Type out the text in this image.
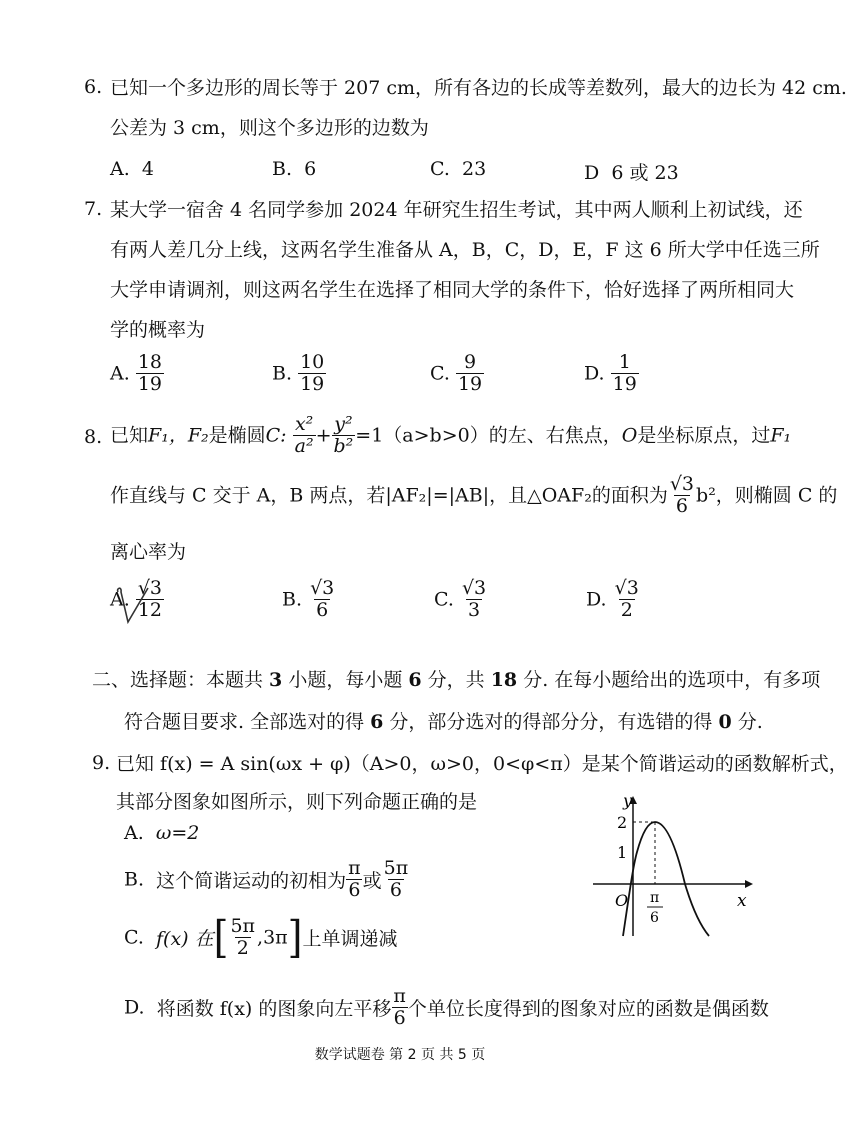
6. 已知一个多边形的周长等于 207 cm，所有各边的长成等差数列，最大的边长为 42 cm.
公差为 3 cm，则这个多边形的边数为
A. 4	B. 6	C. 23	D 6 或 23
7. 某大学一宿舍 4 名同学参加 2024 年研究生招生考试，其中两人顺利上初试线，还
有两人差几分上线，这两名学生准备从 A，B，C，D，E，F 这 6 所大学中任选三所
大学申请调剂，则这两名学生在选择了相同大学的条件下，恰好选择了两所相同大
学的概率为
A. $\frac{18}{19}$	B. $\frac{10}{19}$	C. $\frac{9}{19}$	D. $\frac{1}{19}$
8. 已知F₁，F₂是椭圆C: $\frac{\text{x²}}{\text{a²}} + \frac{\text{y²}}{\text{b²}} =1(a>b>0)$的左、右焦点，O是坐标原点，过F₁
作直线与 C 交于 A，B 两点，若|AF₂|=|AB|，且△OAF₂的面积为 $\frac{√3}{6} b^2$，则椭圆 C 的
离心率为
A. $\frac{√3}{12}$	B. $\frac{√3}{6}$	C. $\frac{√3}{3}$	D. $\frac{√3}{2}$
二、选择题：本题共 3 小题，每小题 6 分，共 18 分. 在每小题给出的选项中，有多项
符合题目要求. 全部选对的得 6 分，部分选对的得部分分，有选错的得 0 分.
9. 已知 f(x) = A sin(ωx + φ)（A>0，ω>0，0<φ<π）是某个简谐运动的函数解析式，
其部分图象如图所示，则下列命题正确的是
A. ω=2
B. 这个简谐运动的初相为 $\frac{\pi}{6}$ 或 $\frac{5\pi}{6}$
C. f(x) 在[ $\frac{5\pi}{2} ,3\pi$]上单调递减
D. 将函数 f(x) 的图象向左平移 $\frac{\pi}{6}$ 个单位长度得到的图象对应的函数是偶函数
y
x
O
2
1
π
6
数学试题卷 第 2 页 共 5 页
